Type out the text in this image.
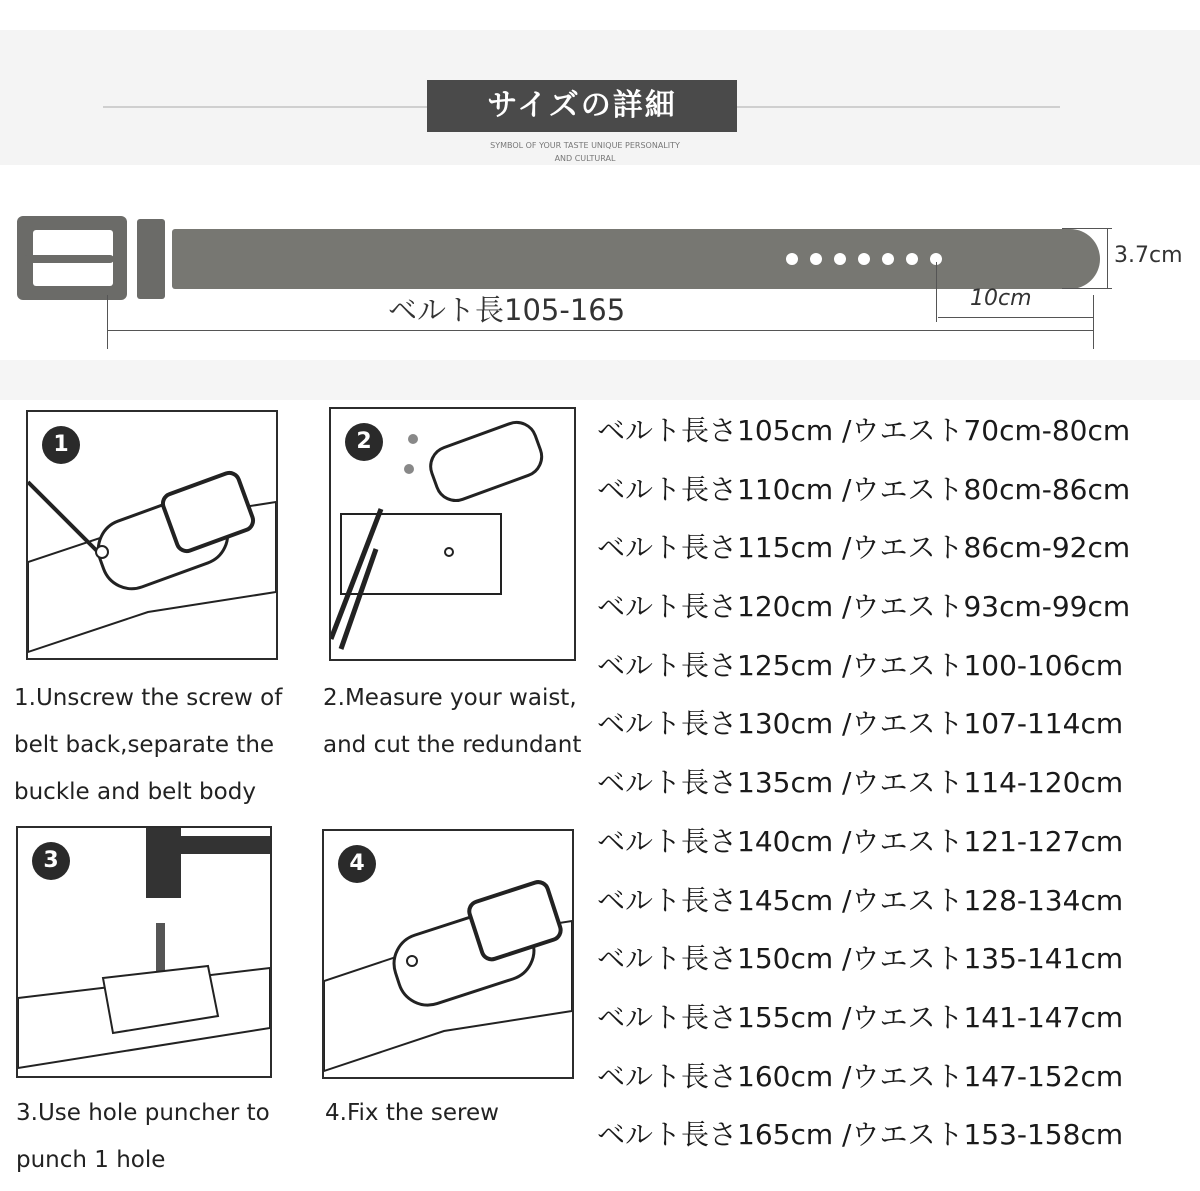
サイズの詳細
SYMBOL OF YOUR TASTE UNIQUE PERSONALITY
AND CULTURAL
3.7cm
10cm
ベルト長105-165
1	2
3	4
1.Unscrew the screw of
belt back,separate the
buckle and belt body
2.Measure your waist,
and cut the redundant
3.Use hole puncher to
punch 1 hole
4.Fix the serew
ベルト長さ105cm /ウエスト70cm-80cm
ベルト長さ110cm /ウエスト80cm-86cm
ベルト長さ115cm /ウエスト86cm-92cm
ベルト長さ120cm /ウエスト93cm-99cm
ベルト長さ125cm /ウエスト100-106cm
ベルト長さ130cm /ウエスト107-114cm
ベルト長さ135cm /ウエスト114-120cm
ベルト長さ140cm /ウエスト121-127cm
ベルト長さ145cm /ウエスト128-134cm
ベルト長さ150cm /ウエスト135-141cm
ベルト長さ155cm /ウエスト141-147cm
ベルト長さ160cm /ウエスト147-152cm
ベルト長さ165cm /ウエスト153-158cm
